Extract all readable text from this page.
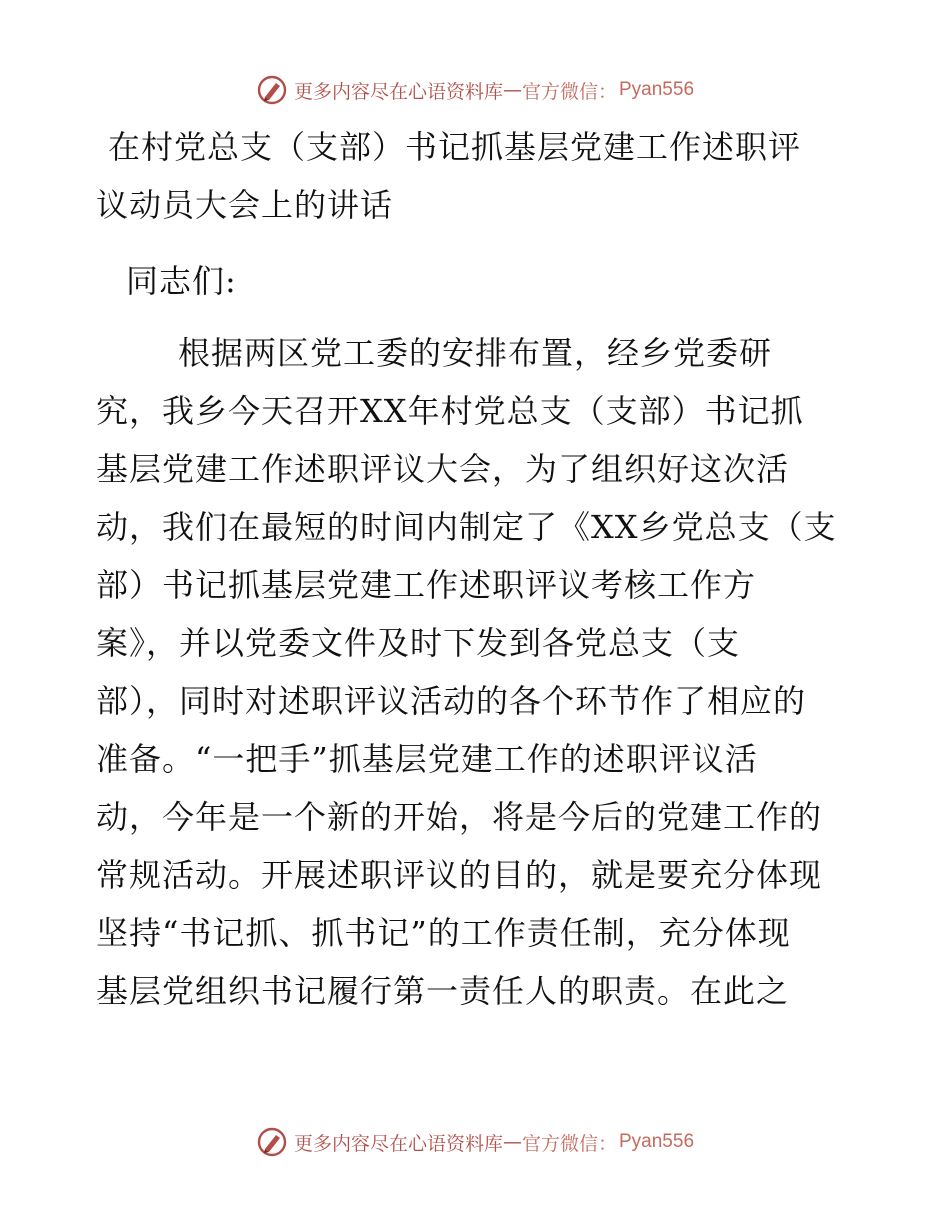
更多内容尽在心语资料库 — 官方微信： Pyan556
在村党总支（支部）书记抓基层党建工作述职评
议动员大会上的讲话

同志们:

根据两区党工委的安排布置，经乡党委研
究，我乡今天召开XX年村党总支（支部）书记抓
基层党建工作述职评议大会，为了组织好这次活
动，我们在最短的时间内制定了《XX乡党总支（支
部）书记抓基层党建工作述职评议考核工作方
案》，并以党委文件及时下发到各党总支（支
部），同时对述职评议活动的各个环节作了相应的
准备。“一把手”抓基层党建工作的述职评议活
动，今年是一个新的开始，将是今后的党建工作的
常规活动。开展述职评议的目的，就是要充分体现
坚持“书记抓、抓书记”的工作责任制，充分体现
基层党组织书记履行第一责任人的职责。在此之

更多内容尽在心语资料库 — 官方微信： Pyan556
